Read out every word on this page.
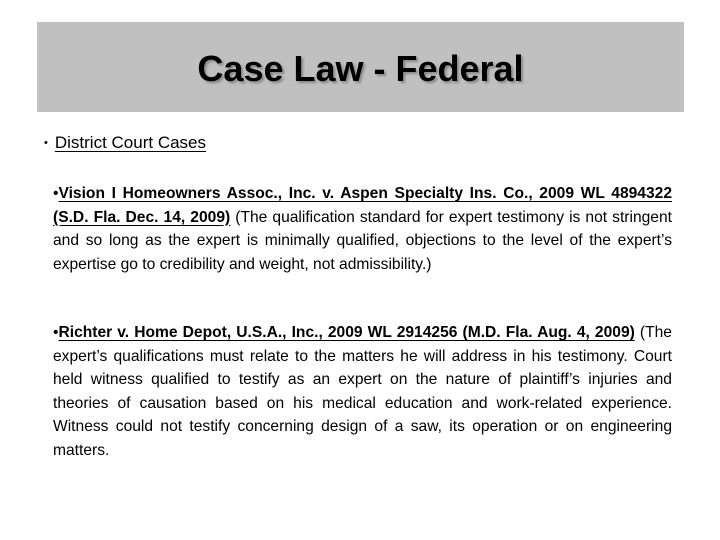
Case Law - Federal
• District Court Cases
•Vision I Homeowners Assoc., Inc. v. Aspen Specialty Ins. Co., 2009 WL 4894322 (S.D. Fla. Dec. 14, 2009) (The qualification standard for expert testimony is not stringent and so long as the expert is minimally qualified, objections to the level of the expert’s expertise go to credibility and weight, not admissibility.)
•Richter v. Home Depot, U.S.A., Inc., 2009 WL 2914256 (M.D. Fla. Aug. 4, 2009) (The expert’s qualifications must relate to the matters he will address in his testimony. Court held witness qualified to testify as an expert on the nature of plaintiff’s injuries and theories of causation based on his medical education and work-related experience. Witness could not testify concerning design of a saw, its operation or on engineering matters.
